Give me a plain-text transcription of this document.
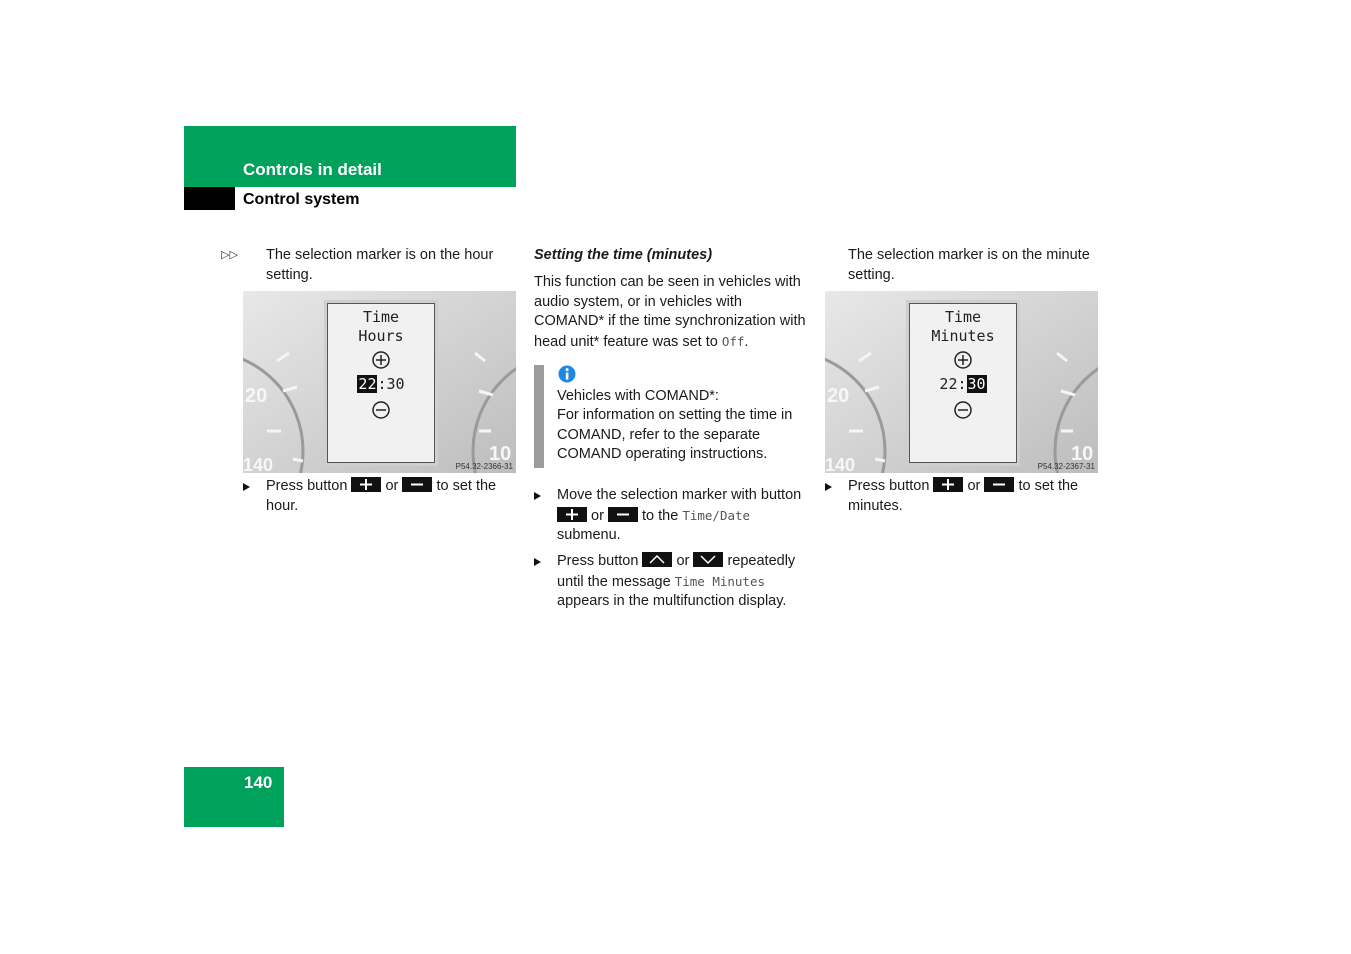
Controls in detail
Control system
▷▷ The selection marker is on the hour setting.
20
140	10
Time
Hours
22:30
P54.32-2366-31
Press button	or	to set the hour.
Setting the time (minutes)
This function can be seen in vehicles with audio system, or in vehicles with COMAND* if the time synchronization with head unit* feature was set to Off.
Vehicles with COMAND*:
For information on setting the time in COMAND, refer to the separate COMAND operating instructions.
Move the selection marker with button
or	to the Time/Date submenu.
Press button	or	repeatedly until the message Time Minutes appears in the multifunction display.
The selection marker is on the minute setting.
20
140	10
Time
Minutes
22:30
P54.32-2367-31
Press button	or	to set the minutes.
140
